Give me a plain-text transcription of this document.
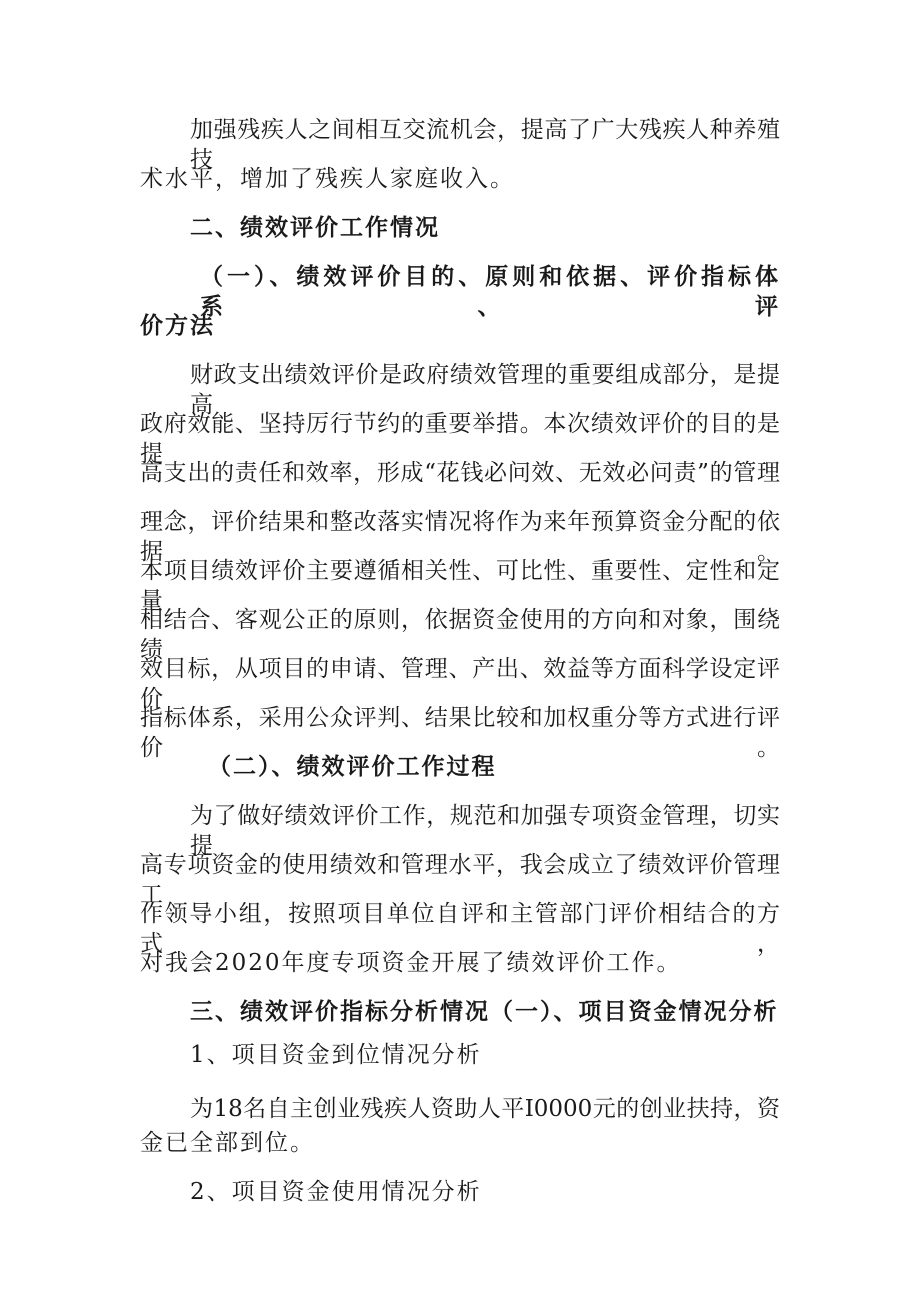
加强残疾人之间相互交流机会，提高了广大残疾人种养殖技
术水平，增加了残疾人家庭收入。
二、绩效评价工作情况
（一）、绩效评价目的、原则和依据、评价指标体系、评
价方法
财政支出绩效评价是政府绩效管理的重要组成部分，是提高
政府效能、坚持厉行节约的重要举措。本次绩效评价的目的是提
高支出的责任和效率，形成“花钱必问效、无效必问责”的管理
理念，评价结果和整改落实情况将作为来年预算资金分配的依据。
本项目绩效评价主要遵循相关性、可比性、重要性、定性和定量
相结合、客观公正的原则，依据资金使用的方向和对象，围绕绩
效目标，从项目的申请、管理、产出、效益等方面科学设定评价
指标体系，采用公众评判、结果比较和加权重分等方式进行评价。
（二）、绩效评价工作过程
为了做好绩效评价工作，规范和加强专项资金管理，切实提
高专项资金的使用绩效和管理水平，我会成立了绩效评价管理工
作领导小组，按照项目单位自评和主管部门评价相结合的方式，
对我会2020年度专项资金开展了绩效评价工作。
三、绩效评价指标分析情况（一）、项目资金情况分析
1、项目资金到位情况分析
为18名自主创业残疾人资助人平I0000元的创业扶持，资
金已全部到位。
2、项目资金使用情况分析
